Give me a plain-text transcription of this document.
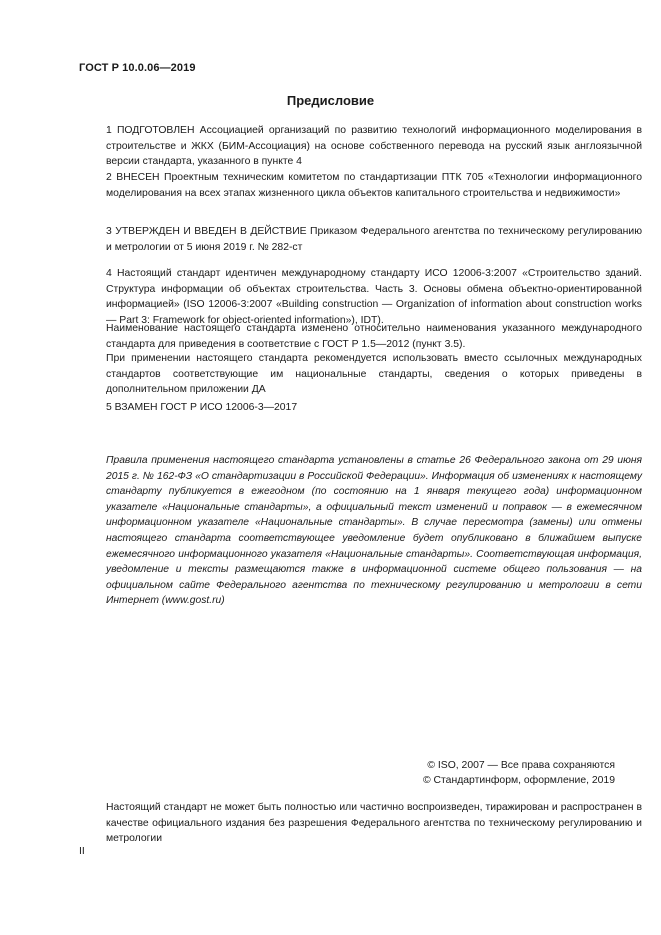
ГОСТ Р 10.0.06—2019
Предисловие
1 ПОДГОТОВЛЕН Ассоциацией организаций по развитию технологий информационного моделирования в строительстве и ЖКХ (БИМ-Ассоциация) на основе собственного перевода на русский язык англоязычной версии стандарта, указанного в пункте 4
2 ВНЕСЕН Проектным техническим комитетом по стандартизации ПТК 705 «Технологии информационного моделирования на всех этапах жизненного цикла объектов капитального строительства и недвижимости»
3 УТВЕРЖДЕН И ВВЕДЕН В ДЕЙСТВИЕ Приказом Федерального агентства по техническому регулированию и метрологии от 5 июня 2019 г. № 282-ст
4 Настоящий стандарт идентичен международному стандарту ИСО 12006-3:2007 «Строительство зданий. Структура информации об объектах строительства. Часть 3. Основы обмена объектно-ориентированной информацией» (ISO 12006-3:2007 «Building construction — Organization of information about construction works — Part 3: Framework for object-oriented information»), IDT).
Наименование настоящего стандарта изменено относительно наименования указанного международного стандарта для приведения в соответствие с ГОСТ Р 1.5—2012 (пункт 3.5).
При применении настоящего стандарта рекомендуется использовать вместо ссылочных международных стандартов соответствующие им национальные стандарты, сведения о которых приведены в дополнительном приложении ДА
5 ВЗАМЕН ГОСТ Р ИСО 12006-3—2017
Правила применения настоящего стандарта установлены в статье 26 Федерального закона от 29 июня 2015 г. № 162-ФЗ «О стандартизации в Российской Федерации». Информация об изменениях к настоящему стандарту публикуется в ежегодном (по состоянию на 1 января текущего года) информационном указателе «Национальные стандарты», а официальный текст изменений и поправок — в ежемесячном информационном указателе «Национальные стандарты». В случае пересмотра (замены) или отмены настоящего стандарта соответствующее уведомление будет опубликовано в ближайшем выпуске ежемесячного информационного указателя «Национальные стандарты». Соответствующая информация, уведомление и тексты размещаются также в информационной системе общего пользования — на официальном сайте Федерального агентства по техническому регулированию и метрологии в сети Интернет (www.gost.ru)
© ISO, 2007 — Все права сохраняются
© Стандартинформ, оформление, 2019
Настоящий стандарт не может быть полностью или частично воспроизведен, тиражирован и распространен в качестве официального издания без разрешения Федерального агентства по техническому регулированию и метрологии
II
